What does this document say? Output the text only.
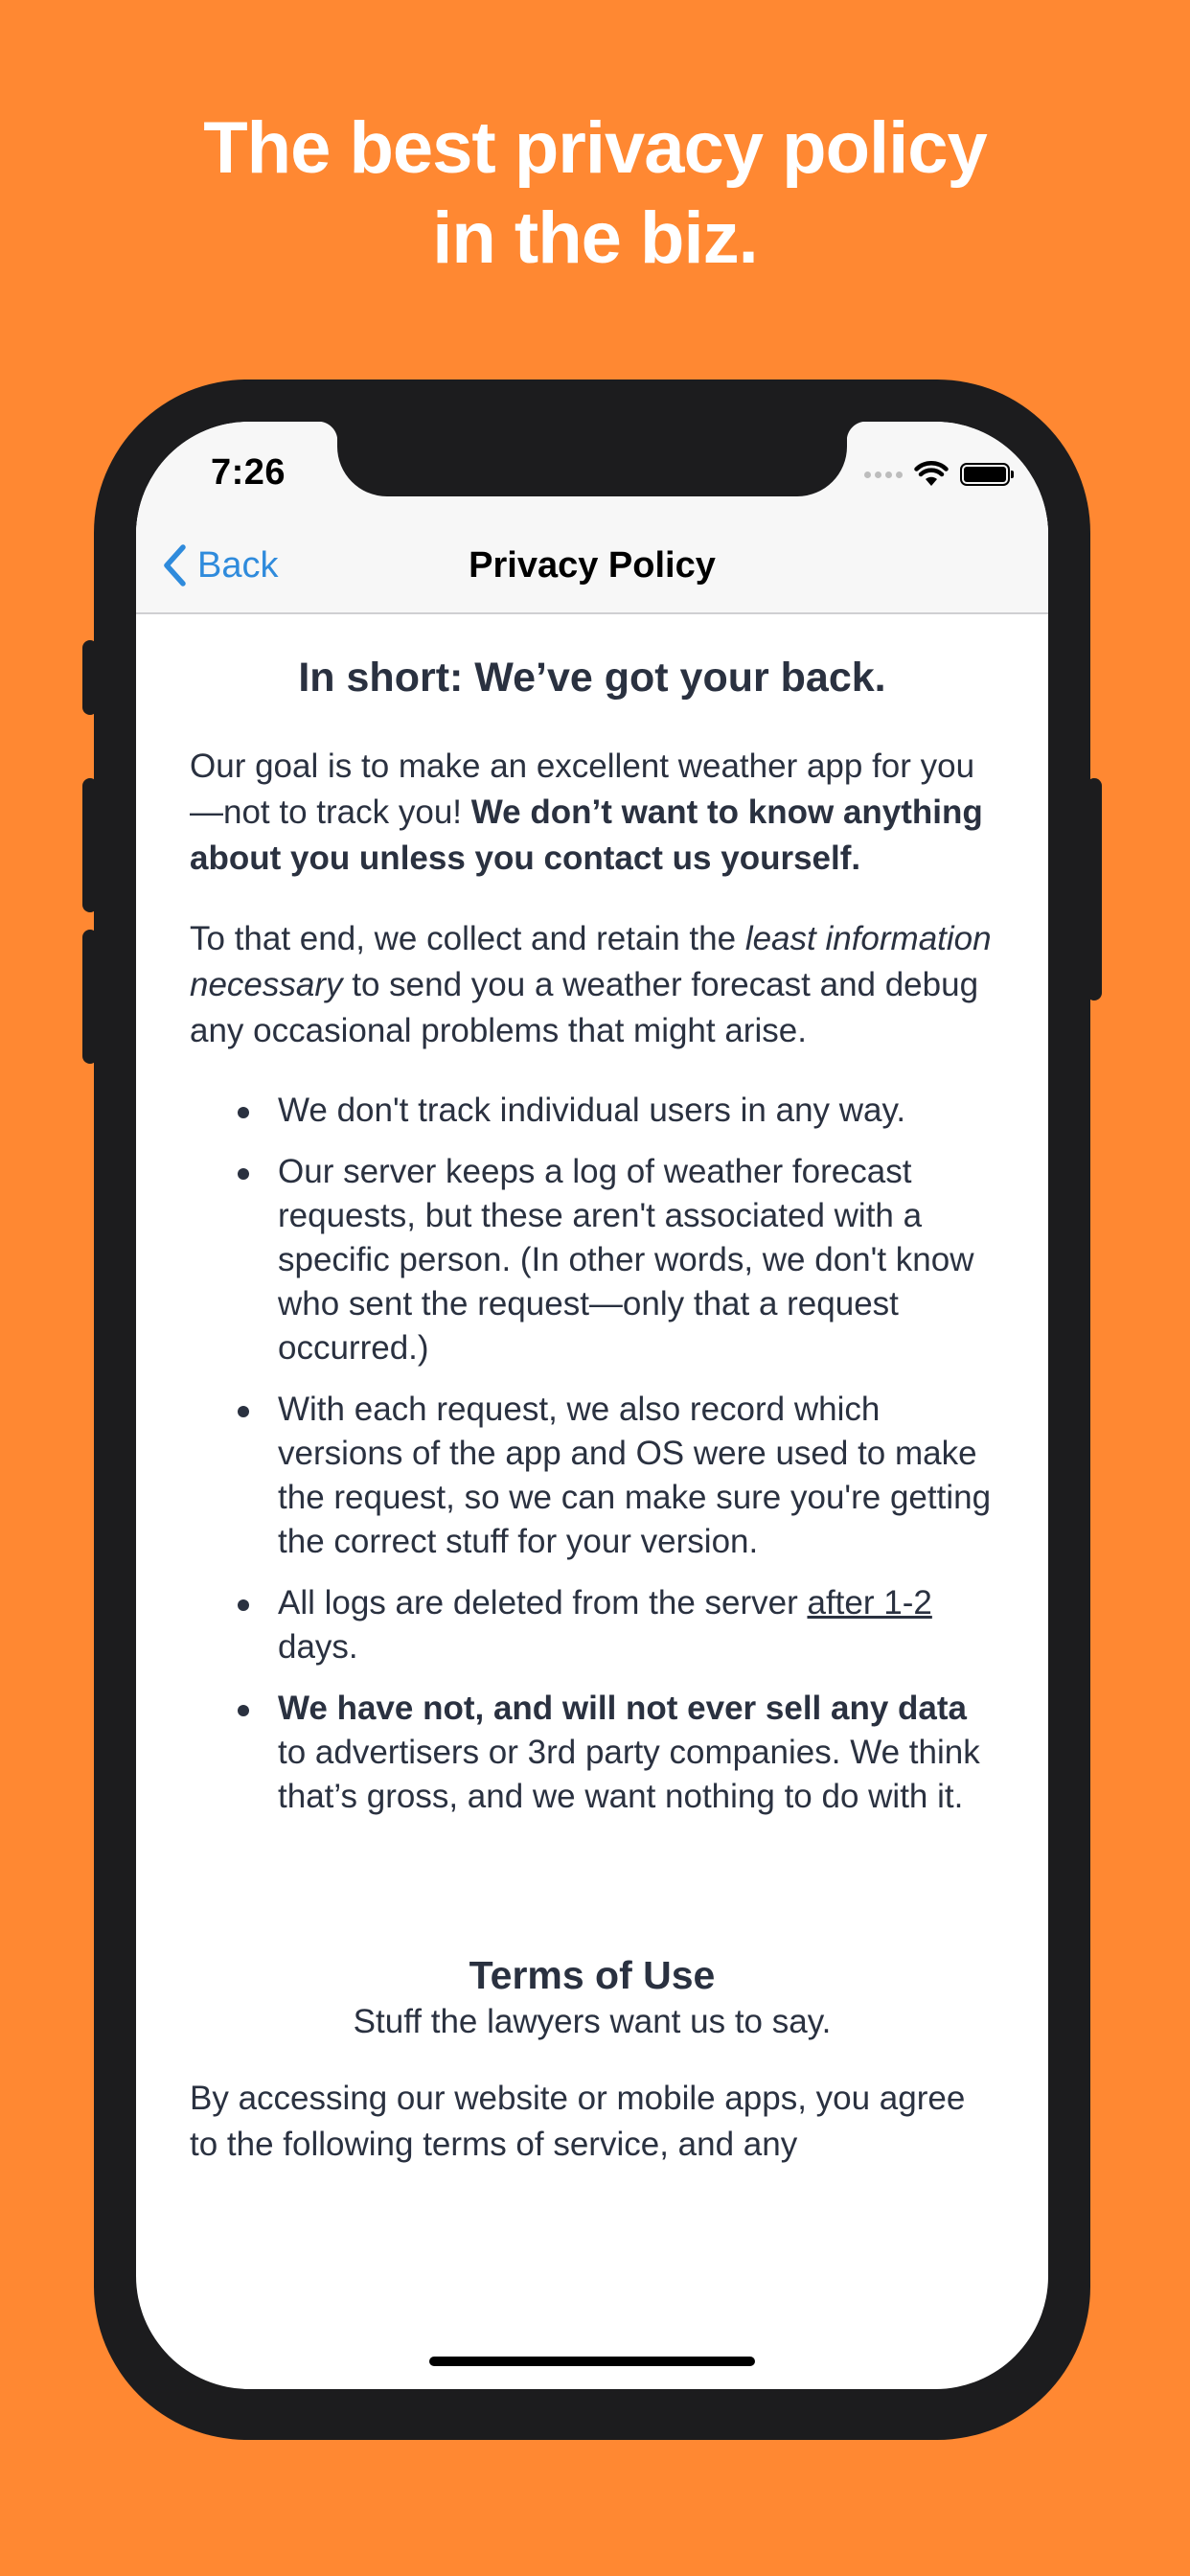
The best privacy policy
in the biz.
7:26
Back	Privacy Policy
In short: We’ve got your back.

Our goal is to make an excellent weather app for you—not to track you! We don’t want to know anything about you unless you contact us yourself.

To that end, we collect and retain the least information necessary to send you a weather forecast and debug any occasional problems that might arise.

We don't track individual users in any way.
Our server keeps a log of weather forecast requests, but these aren't associated with a specific person. (In other words, we don't know who sent the request—only that a request occurred.)
With each request, we also record which versions of the app and OS were used to make the request, so we can make sure you're getting the correct stuff for your version.
All logs are deleted from the server after 1-2 days.
We have not, and will not ever sell any data to advertisers or 3rd party companies. We think that’s gross, and we want nothing to do with it.
Terms of Use
Stuff the lawyers want us to say.

By accessing our website or mobile apps, you agree to the following terms of service, and any
